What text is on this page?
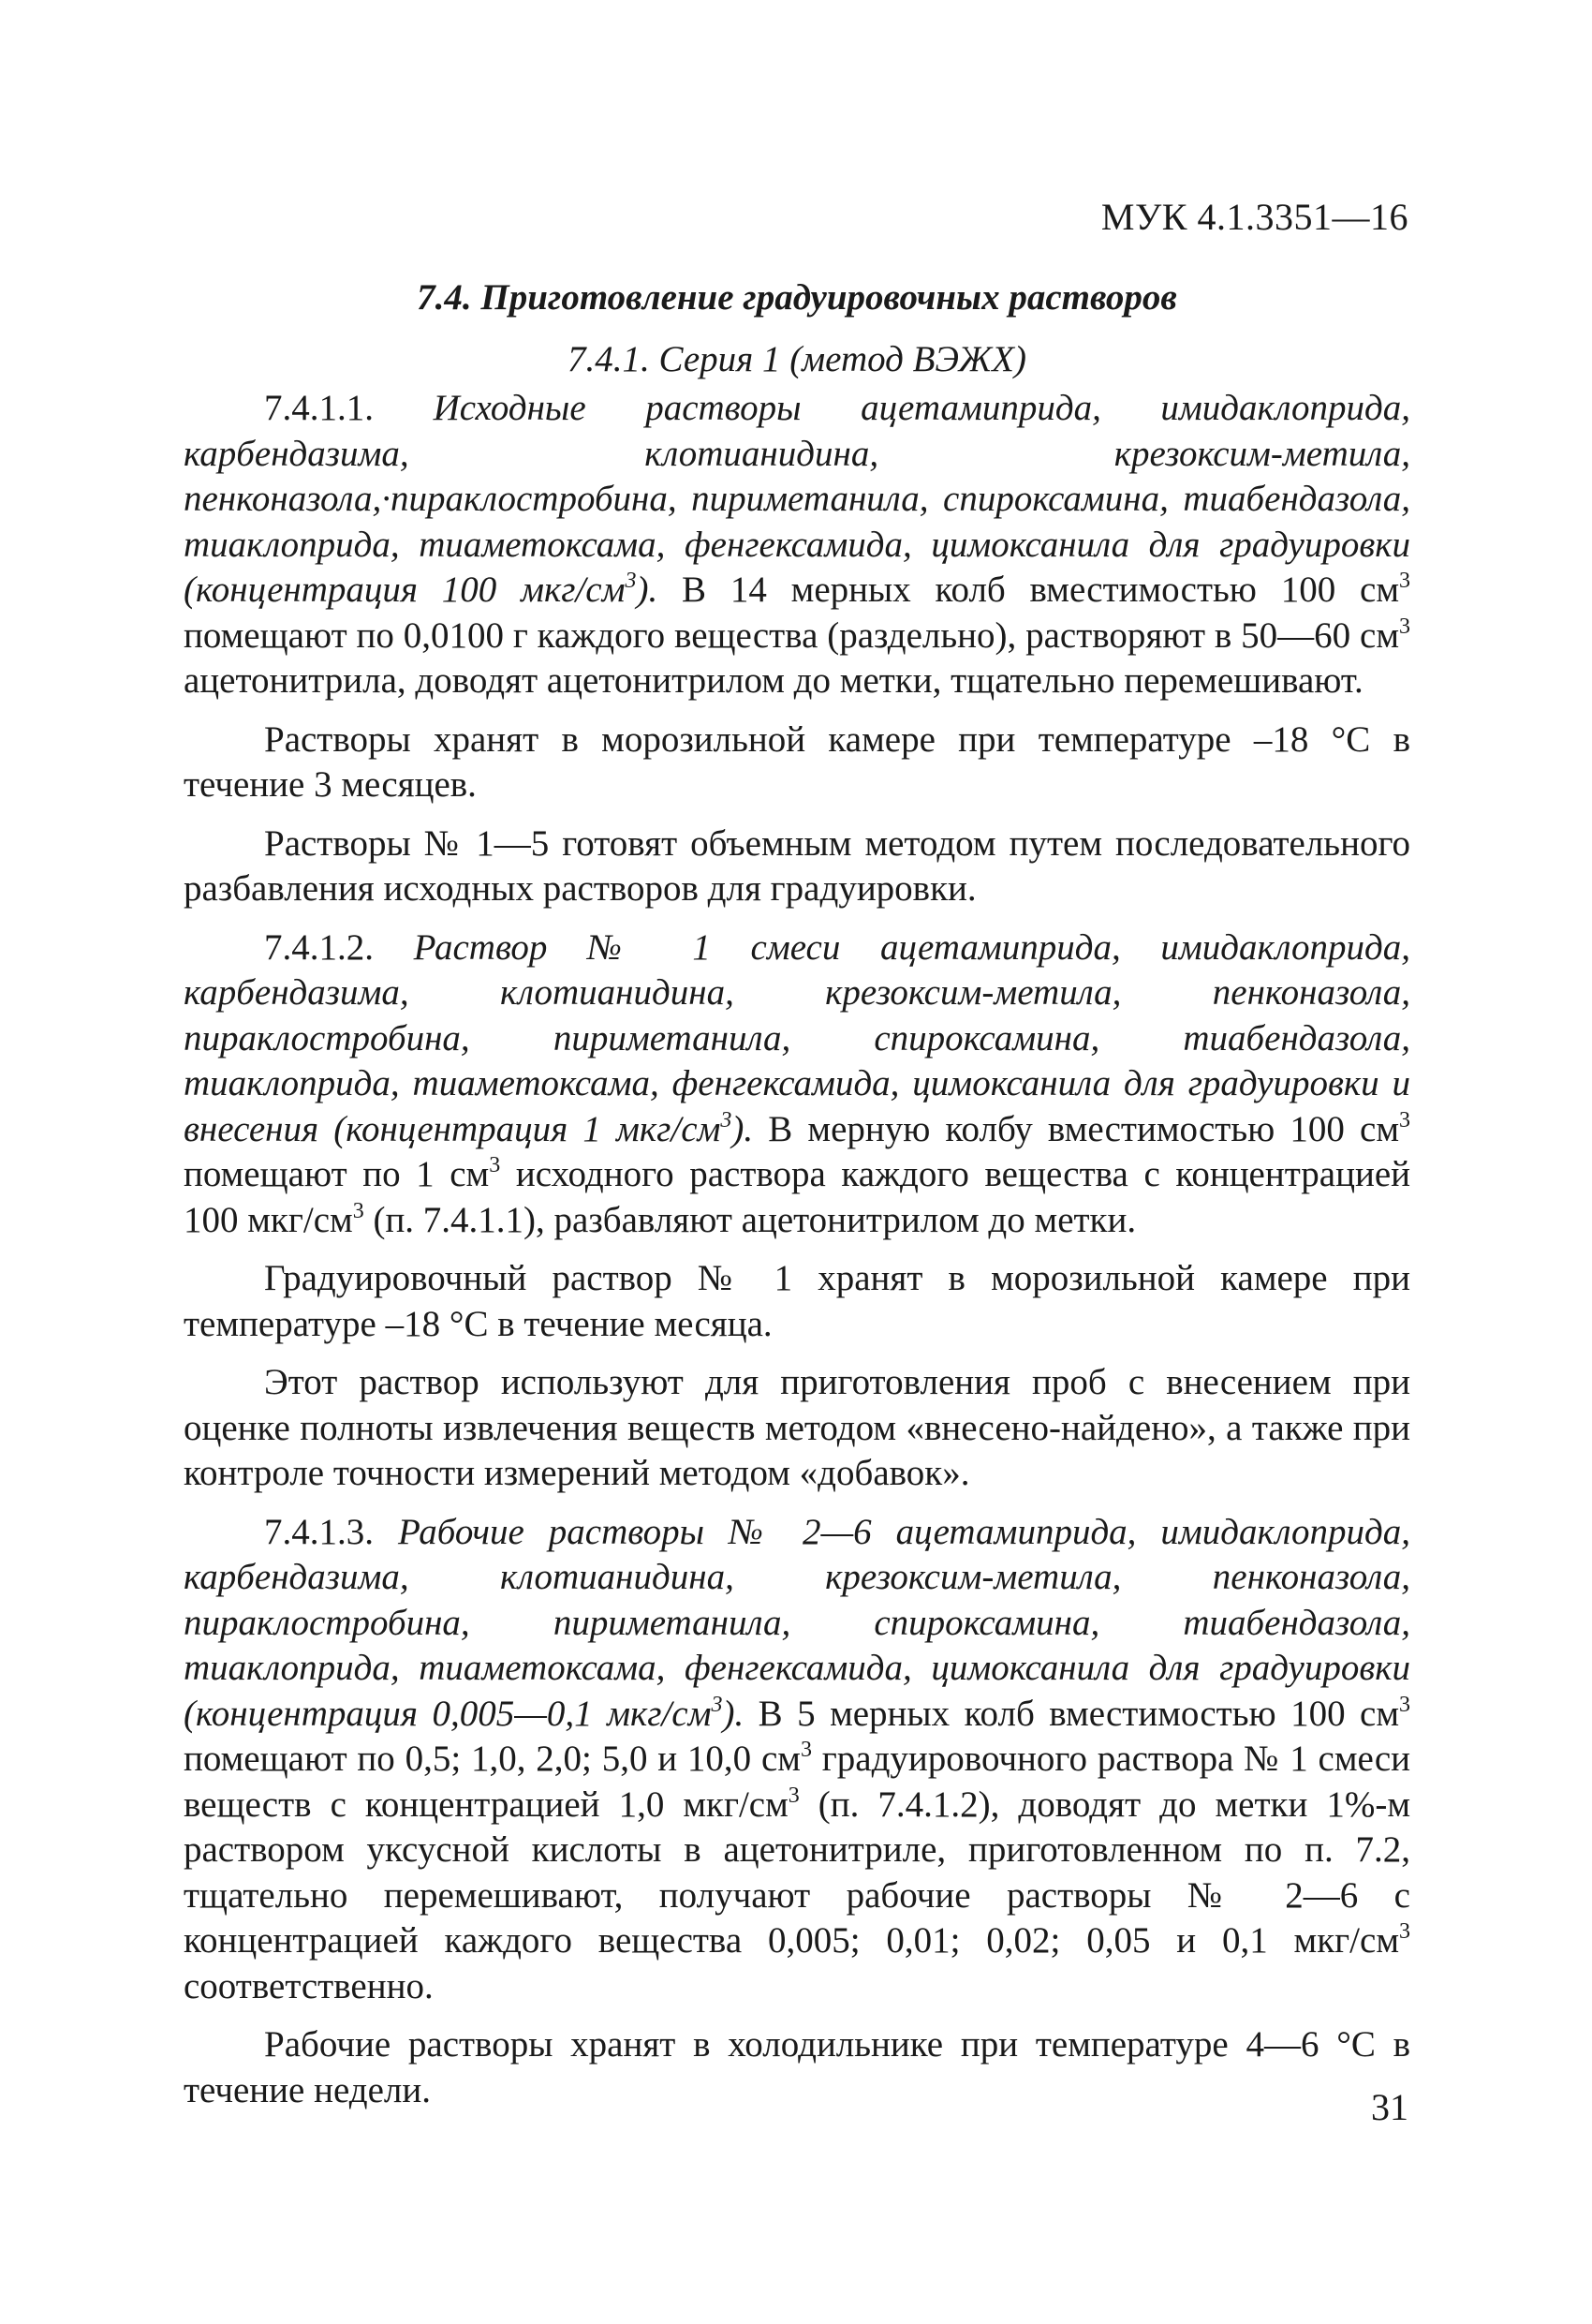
МУК 4.1.3351—16
7.4. Приготовление градуировочных растворов
7.4.1. Серия 1 (метод ВЭЖХ)

7.4.1.1. Исходные растворы ацетамиприда, имидаклоприда, карбендазима, клотианидина, крезоксим-метила, пенконазола,·пираклостробина, пириметанила, спироксамина, тиабендазола, тиаклоприда, тиаметоксама, фенгексамида, цимоксанила для градуировки (концентрация 100 мкг/$см^3$). В 14 мерных колб вместимостью 100 $см^3$ помещают по 0,0100 г каждого вещества (раздельно), растворяют в 50—60 $см^3$ ацетонитрила, доводят ацетонитрилом до метки, тщательно перемешивают.

Растворы хранят в морозильной камере при температуре –18 °С в течение 3 месяцев.

Растворы № 1—5 готовят объемным методом путем последовательного разбавления исходных растворов для градуировки.

7.4.1.2. Раствор № 1 смеси ацетамиприда, имидаклоприда, карбендазима, клотианидина, крезоксим-метила, пенконазола, пираклостробина, пириметанила, спироксамина, тиабендазола, тиаклоприда, тиаметоксама, фенгексамида, цимоксанила для градуировки и внесения (концентрация 1 мкг/$см^3$). В мерную колбу вместимостью 100 $см^3$ помещают по 1 $см^3$ исходного раствора каждого вещества с концентрацией 100 мкг/$см^3$ (п. 7.4.1.1), разбавляют ацетонитрилом до метки.

Градуировочный раствор № 1 хранят в морозильной камере при температуре –18 °С в течение месяца.

Этот раствор используют для приготовления проб с внесением при оценке полноты извлечения веществ методом «внесено-найдено», а также при контроле точности измерений методом «добавок».

7.4.1.3. Рабочие растворы № 2—6 ацетамиприда, имидаклоприда, карбендазима, клотианидина, крезоксим-метила, пенконазола, пираклостробина, пириметанила, спироксамина, тиабендазола, тиаклоприда, тиаметоксама, фенгексамида, цимоксанила для градуировки (концентрация 0,005—0,1 мкг/$см^3$). В 5 мерных колб вместимостью 100 $см^3$ помещают по 0,5; 1,0, 2,0; 5,0 и 10,0 $см^3$ градуировочного раствора № 1 смеси веществ с концентрацией 1,0 мкг/$см^3$ (п. 7.4.1.2), доводят до метки 1%-м раствором уксусной кислоты в ацетонитриле, приготовленном по п. 7.2, тщательно перемешивают, получают рабочие растворы № 2—6 с концентрацией каждого вещества 0,005; 0,01; 0,02; 0,05 и 0,1 мкг/$см^3$ соответственно.

Рабочие растворы хранят в холодильнике при температуре 4—6 °С в течение недели.	31
